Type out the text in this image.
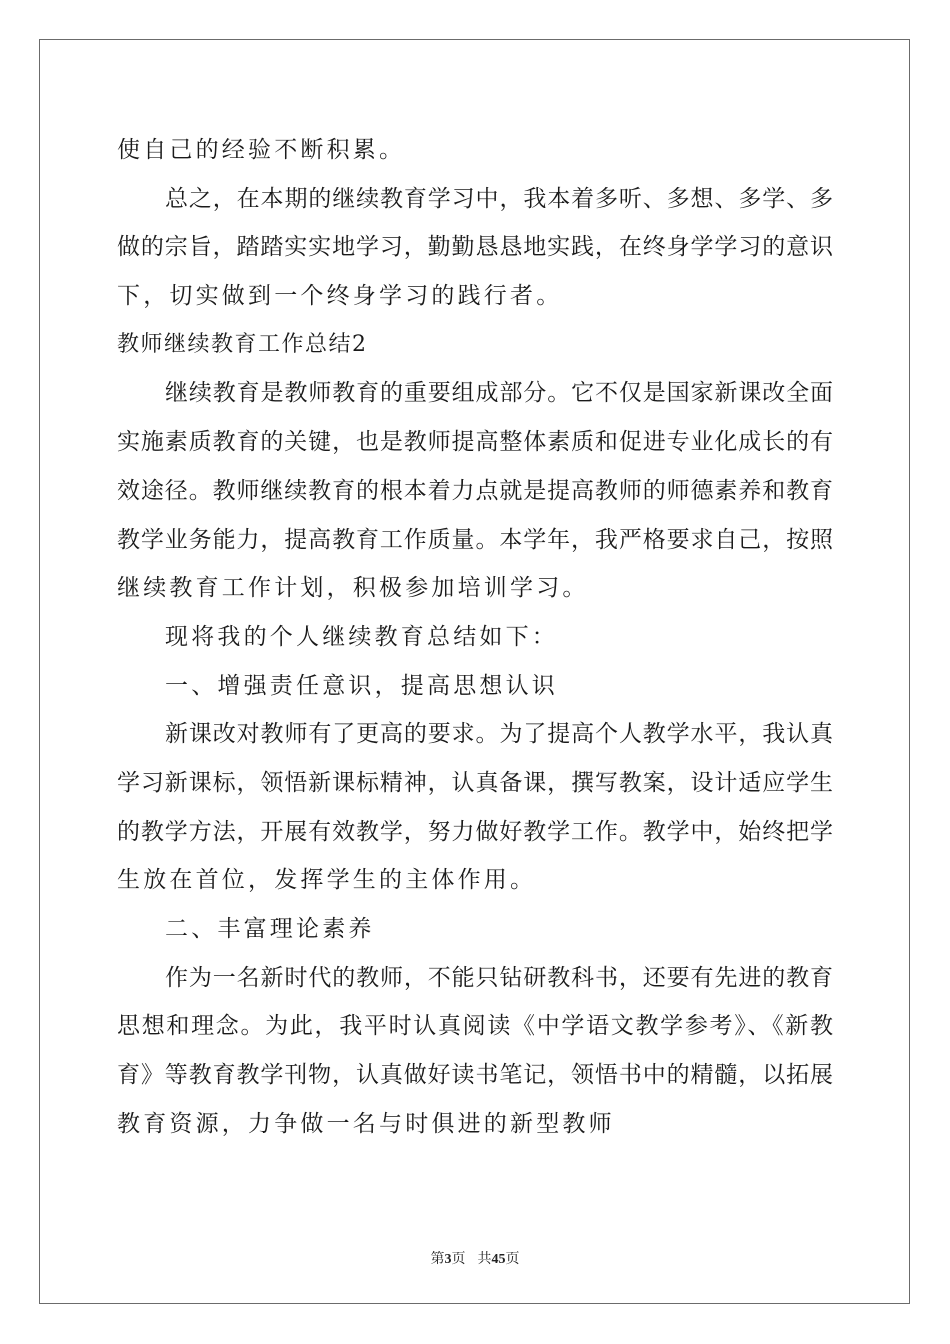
使自己的经验不断积累。
总之，在本期的继续教育学习中，我本着多听、多想、多学、多
做的宗旨，踏踏实实地学习，勤勤恳恳地实践，在终身学学习的意识
下，切实做到一个终身学习的践行者。
教师继续教育工作总结2
继续教育是教师教育的重要组成部分。它不仅是国家新课改全面
实施素质教育的关键，也是教师提高整体素质和促进专业化成长的有
效途径。教师继续教育的根本着力点就是提高教师的师德素养和教育
教学业务能力，提高教育工作质量。本学年，我严格要求自己，按照
继续教育工作计划，积极参加培训学习。
现将我的个人继续教育总结如下：
一、增强责任意识，提高思想认识
新课改对教师有了更高的要求。为了提高个人教学水平，我认真
学习新课标，领悟新课标精神，认真备课，撰写教案，设计适应学生
的教学方法，开展有效教学，努力做好教学工作。教学中，始终把学
生放在首位，发挥学生的主体作用。
二、丰富理论素养
作为一名新时代的教师，不能只钻研教科书，还要有先进的教育
思想和理念。为此，我平时认真阅读《中学语文教学参考》、《新教
育》等教育教学刊物，认真做好读书笔记，领悟书中的精髓，以拓展
教育资源，力争做一名与时俱进的新型教师
第3页 共45页
